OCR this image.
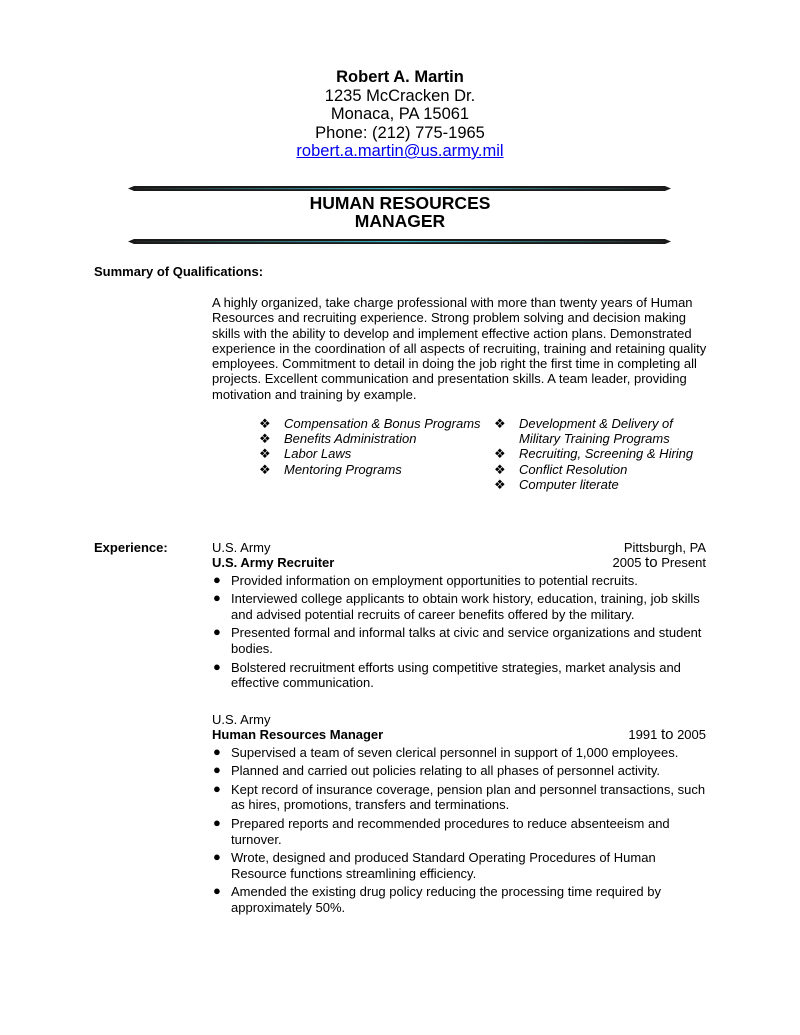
Robert A. Martin
1235 McCracken Dr.
Monaca, PA 15061
Phone: (212) 775-1965
robert.a.martin@us.army.mil
HUMAN RESOURCES
MANAGER
Summary of Qualifications:
A highly organized, take charge professional with more than twenty years of Human Resources and recruiting experience. Strong problem solving and decision making skills with the ability to develop and implement effective action plans. Demonstrated experience in the coordination of all aspects of recruiting, training and retaining quality employees. Commitment to detail in doing the job right the first time in completing all projects. Excellent communication and presentation skills. A team leader, providing motivation and training by example.
❖	Compensation & Bonus Programs
❖	Benefits Administration
❖	Labor Laws
❖	Mentoring Programs
❖	Development & Delivery of
Military Training Programs
❖	Recruiting, Screening & Hiring
❖	Conflict Resolution
❖	Computer literate
Experience:	U.S. Army	Pittsburgh, PA
U.S. Army Recruiter	2005 to Present
● Provided information on employment opportunities to potential recruits.
● Interviewed college applicants to obtain work history, education, training, job skills and advised potential recruits of career benefits offered by the military.
● Presented formal and informal talks at civic and service organizations and student bodies.
● Bolstered recruitment efforts using competitive strategies, market analysis and effective communication.
U.S. Army
Human Resources Manager	1991 to 2005
● Supervised a team of seven clerical personnel in support of 1,000 employees.
● Planned and carried out policies relating to all phases of personnel activity.
● Kept record of insurance coverage, pension plan and personnel transactions, such as hires, promotions, transfers and terminations.
● Prepared reports and recommended procedures to reduce absenteeism and turnover.
● Wrote, designed and produced Standard Operating Procedures of Human Resource functions streamlining efficiency.
● Amended the existing drug policy reducing the processing time required by approximately 50%.
